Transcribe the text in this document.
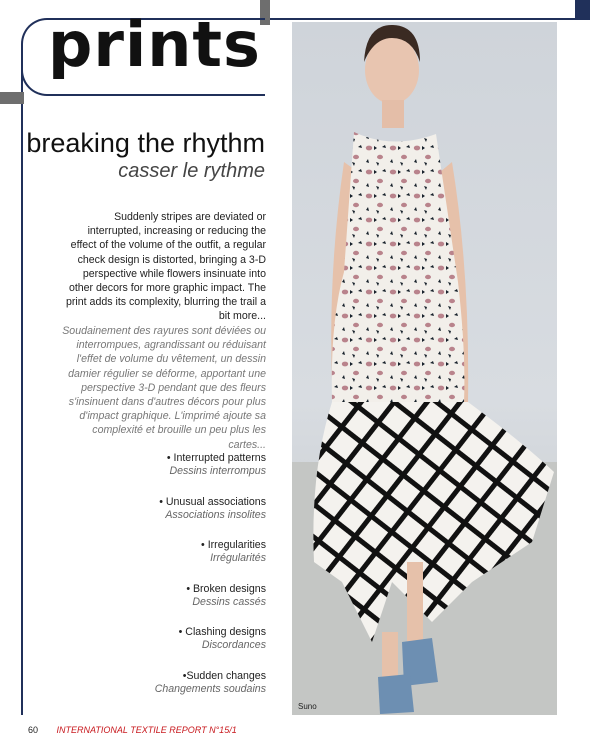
prints
breaking the rhythm
casser le rythme
Suddenly stripes are deviated or interrupted, increasing or reducing the effect of the volume of the outfit, a regular check design is distorted, bringing a 3-D perspective while flowers insinuate into other decors for more graphic impact. The print adds its complexity, blurring the trail a bit more...
Soudainement des rayures sont déviées ou interrompues, agrandissant ou réduisant l'effet de volume du vêtement, un dessin damier régulier se déforme, apportant une perspective 3-D pendant que des fleurs s'insinuent dans d'autres décors pour plus d'impact graphique. L'imprimé ajoute sa complexité et brouille un peu plus les cartes...
• Interrupted patterns
Dessins interrompus
• Unusual associations
Associations insolites
• Irregularities
Irrégularités
• Broken designs
Dessins cassés
• Clashing designs
Discordances
•Sudden changes
Changements soudains
Suno
60 INTERNATIONAL TEXTILE REPORT N°15/1
